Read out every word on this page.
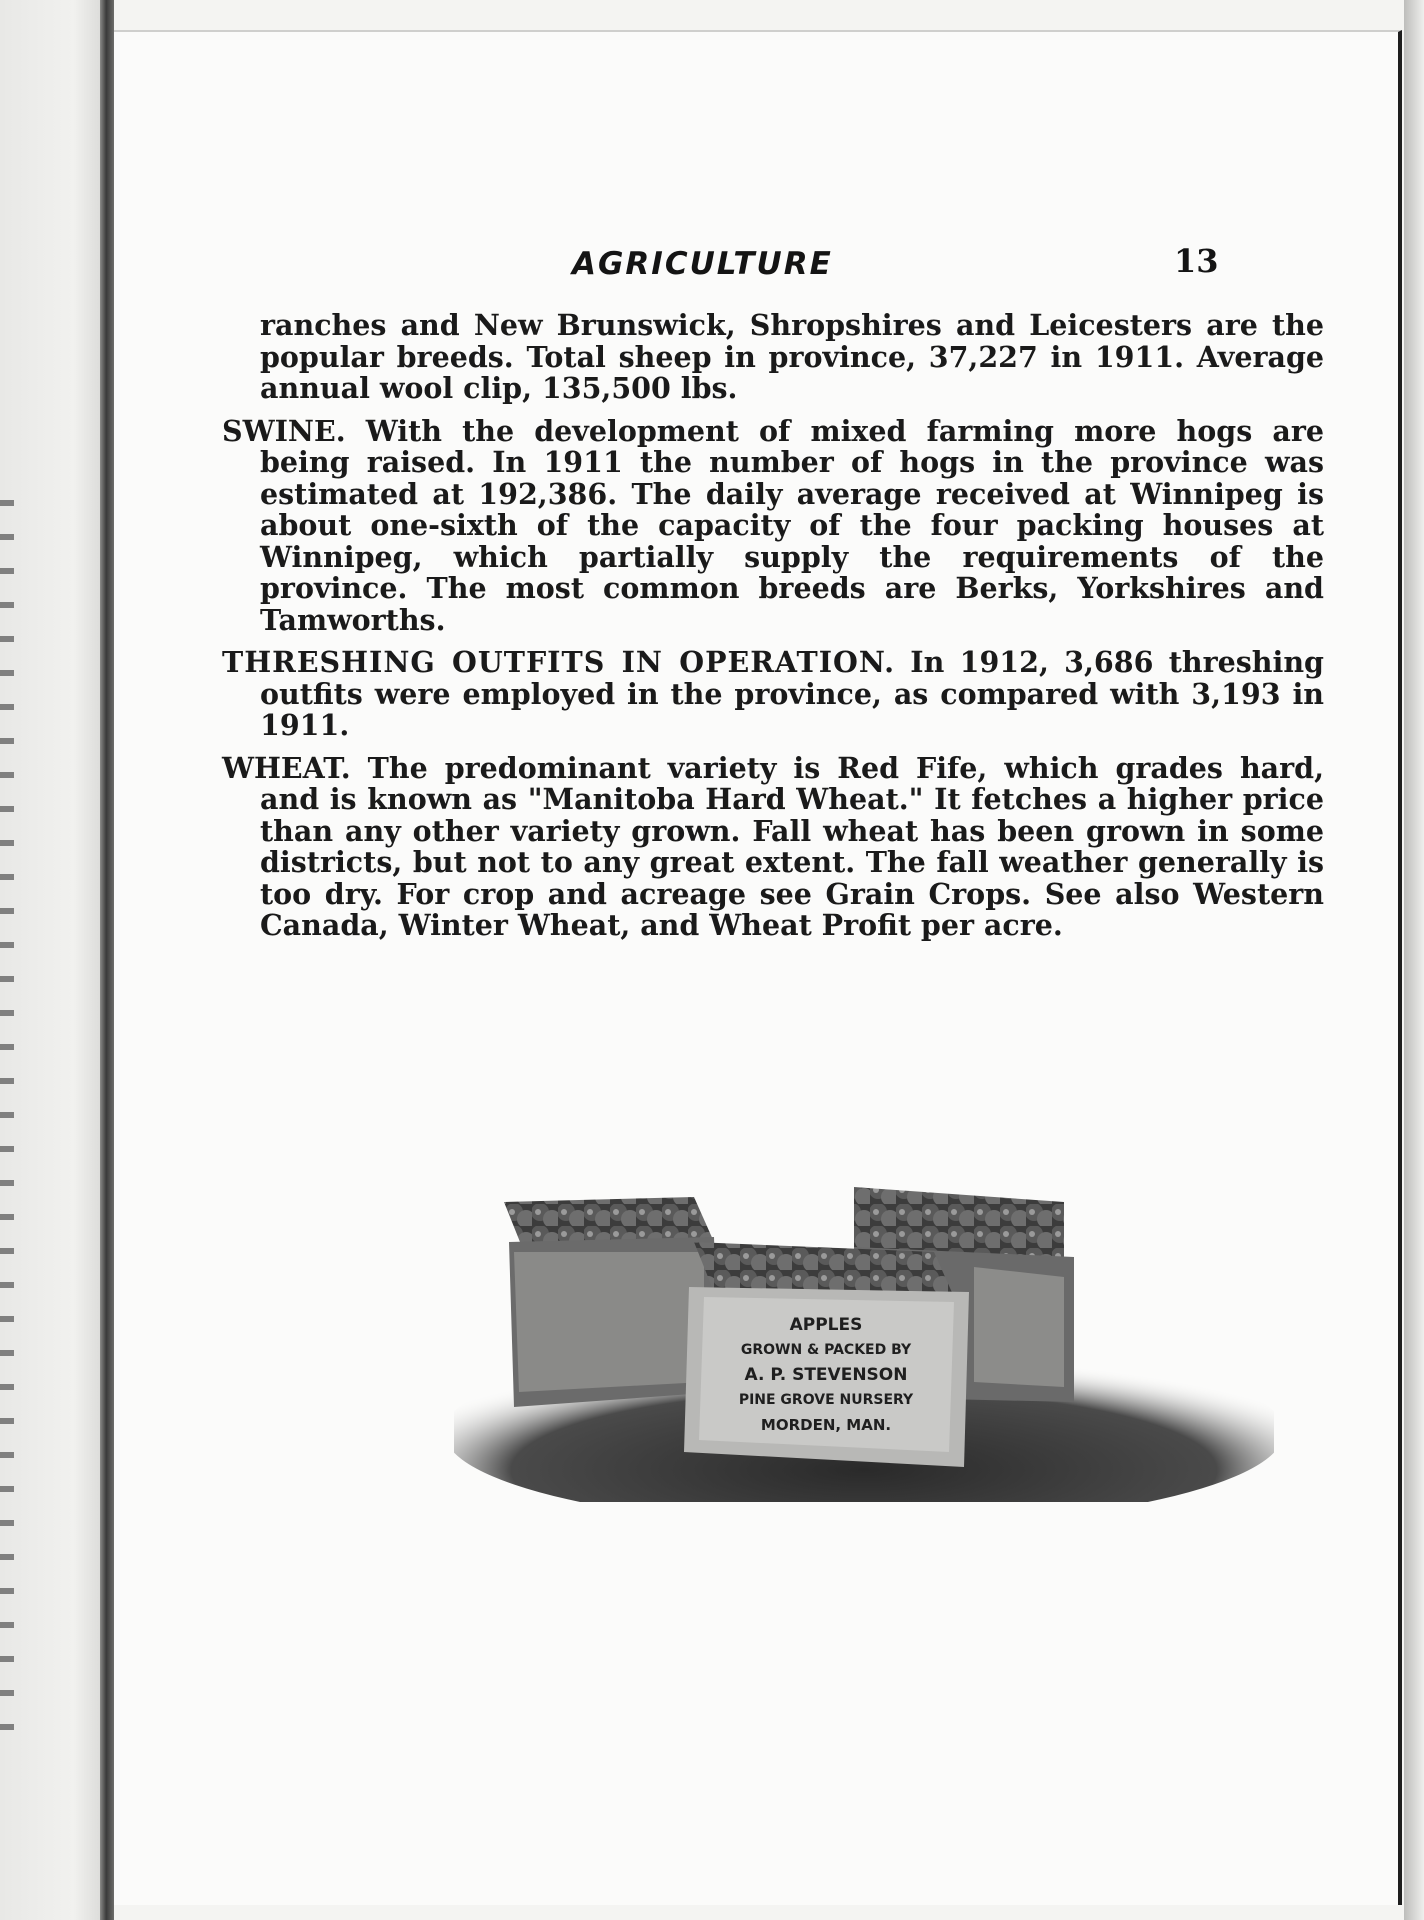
AGRICULTURE	13

ranches and New Brunswick, Shropshires and Leicesters are the popular breeds. Total sheep in province, 37,227 in 1911. Average annual wool clip, 135,500 lbs.

SWINE. With the development of mixed farming more hogs are being raised. In 1911 the number of hogs in the province was estimated at 192,386. The daily average received at Winnipeg is about one-sixth of the capacity of the four packing houses at Winnipeg, which partially supply the requirements of the province. The most common breeds are Berks, Yorkshires and Tamworths.

THRESHING OUTFITS IN OPERATION. In 1912, 3,686 threshing outfits were employed in the province, as compared with 3,193 in 1911.

WHEAT. The predominant variety is Red Fife, which grades hard, and is known as "Manitoba Hard Wheat." It fetches a higher price than any other variety grown. Fall wheat has been grown in some districts, but not to any great extent. The fall weather generally is too dry. For crop and acreage see Grain Crops. See also Western Canada, Winter Wheat, and Wheat Profit per acre.

APPLES
GROWN & PACKED BY
A. P. STEVENSON
PINE GROVE NURSERY
MORDEN, MAN.
